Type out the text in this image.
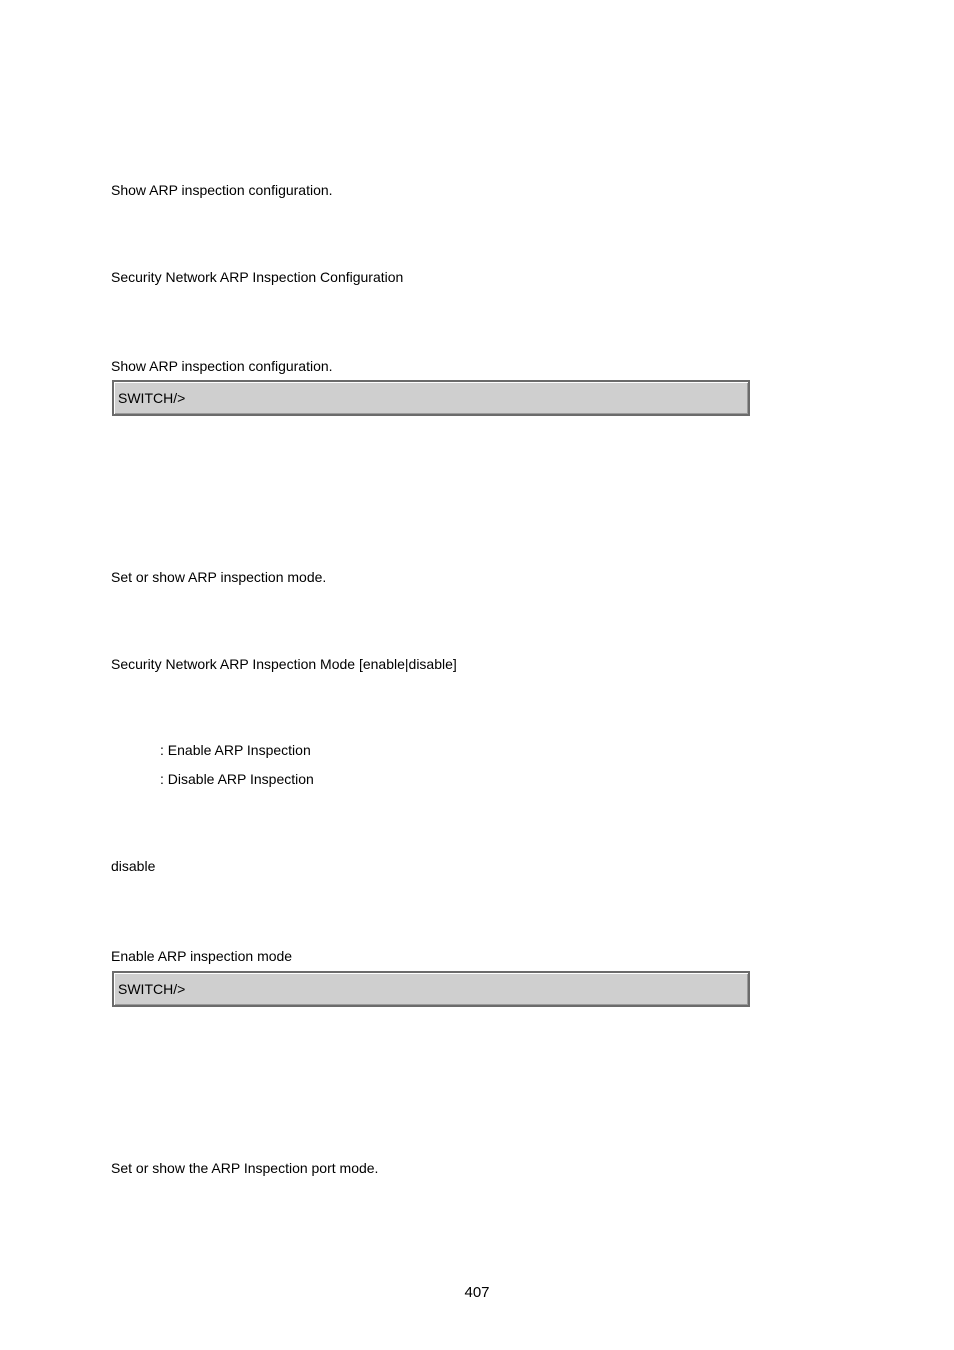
Show ARP inspection configuration.
Security Network ARP Inspection Configuration
Show ARP inspection configuration.
SWITCH/>
Set or show ARP inspection mode.
Security Network ARP Inspection Mode [enable|disable]
: Enable ARP Inspection
: Disable ARP Inspection
disable
Enable ARP inspection mode
SWITCH/>
Set or show the ARP Inspection port mode.
407
